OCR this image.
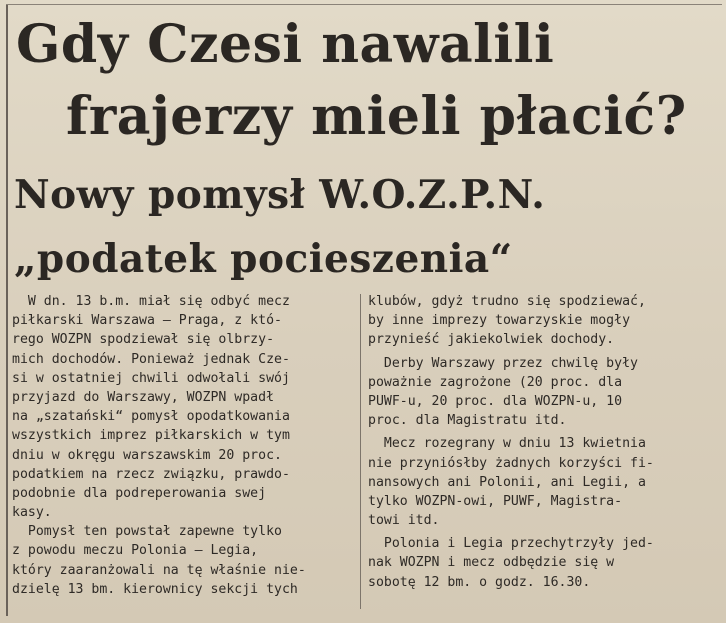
Gdy Czesi nawalili
frajerzy mieli płacić?
Nowy pomysł W.O.Z.P.N.
„podatek pocieszenia“
W dn. 13 b.m. miał się odbyć mecz
piłkarski Warszawa — Praga, z któ-
rego WOZPN spodziewał się olbrzy-
mich dochodów. Ponieważ jednak Cze-
si w ostatniej chwili odwołali swój
przyjazd do Warszawy, WOZPN wpadł
na „szatański“ pomysł opodatkowania
wszystkich imprez piłkarskich w tym
dniu w okręgu warszawskim 20 proc.
podatkiem na rzecz związku, prawdo-
podobnie dla podreperowania swej
kasy.
Pomysł ten powstał zapewne tylko
z powodu meczu Polonia — Legia,
który zaaranżowali na tę właśnie nie-
dzielę 13 bm. kierownicy sekcji tych
klubów, gdyż trudno się spodziewać,
by inne imprezy towarzyskie mogły
przynieść jakiekolwiek dochody.
Derby Warszawy przez chwilę były
poważnie zagrożone (20 proc. dla
PUWF-u, 20 proc. dla WOZPN-u, 10
proc. dla Magistratu itd.
Mecz rozegrany w dniu 13 kwietnia
nie przyniósłby żadnych korzyści fi-
nansowych ani Polonii, ani Legii, a
tylko WOZPN-owi, PUWF, Magistra-
towi itd.
Polonia i Legia przechytrzyły jed-
nak WOZPN i mecz odbędzie się w
sobotę 12 bm. o godz. 16.30.
